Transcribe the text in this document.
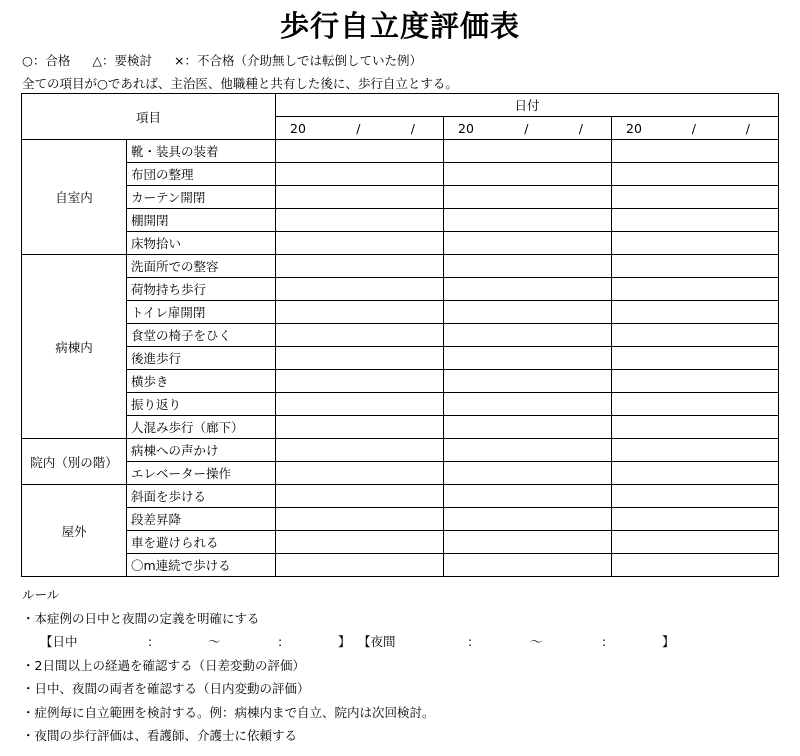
歩行自立度評価表
○：合格 △：要検討 ×：不合格（介助無しでは転倒していた例）
全ての項目が○であれば、主治医、他職種と共有した後に、歩行自立とする。
項目		日付		

		20 / /	20 / /	20 / /

自室内	靴・装具の装着			
	布団の整理			
	カーテン開閉			
	棚開閉			
	床物拾い			
病棟内	洗面所での整容			
	荷物持ち歩行			
	トイレ扉開閉			
	食堂の椅子をひく			
	後進歩行			
	横歩き			
	振り返り			
	人混み歩行（廊下）			
院内（別の階）	病棟への声かけ			
	エレベーター操作			
屋外	斜面を歩ける			
	段差昇降			
	車を避けられる			
	〇m連続で歩ける			
ルール
・本症例の日中と夜間の定義を明確にする
【日中	:	～	:	】 【夜間	:	～	:	】
・2日間以上の経過を確認する（日差変動の評価）
・日中、夜間の両者を確認する（日内変動の評価）
・症例毎に自立範囲を検討する。例：病棟内まで自立、院内は次回検討。
・夜間の歩行評価は、看護師、介護士に依頼する
